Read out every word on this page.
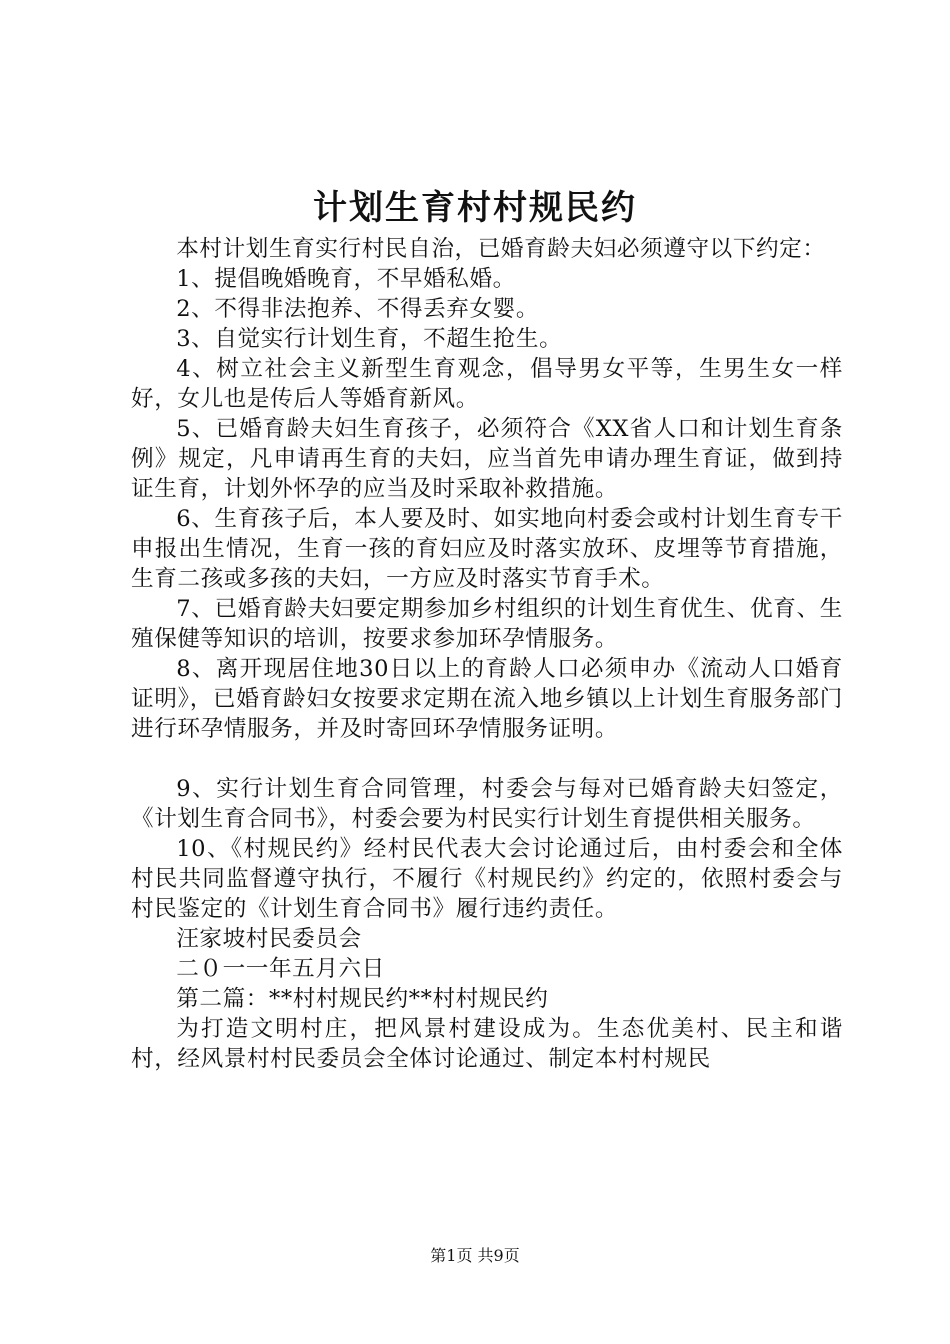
计划生育村村规民约

本村计划生育实行村民自治，已婚育龄夫妇必须遵守以下约定：

1、提倡晚婚晚育，不早婚私婚。

2、不得非法抱养、不得丢弃女婴。

3、自觉实行计划生育，不超生抢生。

4、树立社会主义新型生育观念，倡导男女平等，生男生女一样好，女儿也是传后人等婚育新风。

5、已婚育龄夫妇生育孩子，必须符合《XX省人口和计划生育条例》规定，凡申请再生育的夫妇，应当首先申请办理生育证，做到持证生育，计划外怀孕的应当及时采取补救措施。

6、生育孩子后，本人要及时、如实地向村委会或村计划生育专干申报出生情况，生育一孩的育妇应及时落实放环、皮埋等节育措施，生育二孩或多孩的夫妇，一方应及时落实节育手术。

7、已婚育龄夫妇要定期参加乡村组织的计划生育优生、优育、生殖保健等知识的培训，按要求参加环孕情服务。

8、离开现居住地30日以上的育龄人口必须申办《流动人口婚育证明》，已婚育龄妇女按要求定期在流入地乡镇以上计划生育服务部门进行环孕情服务，并及时寄回环孕情服务证明。

9、实行计划生育合同管理，村委会与每对已婚育龄夫妇签定，《计划生育合同书》，村委会要为村民实行计划生育提供相关服务。

10、《村规民约》经村民代表大会讨论通过后，由村委会和全体村民共同监督遵守执行，不履行《村规民约》约定的，依照村委会与村民鉴定的《计划生育合同书》履行违约责任。

汪家坡村民委员会

二０一一年五月六日

第二篇：**村村规民约**村村规民约

为打造文明村庄，把风景村建设成为。生态优美村、民主和谐村，经风景村村民委员会全体讨论通过、制定本村村规民

第1页 共9页
